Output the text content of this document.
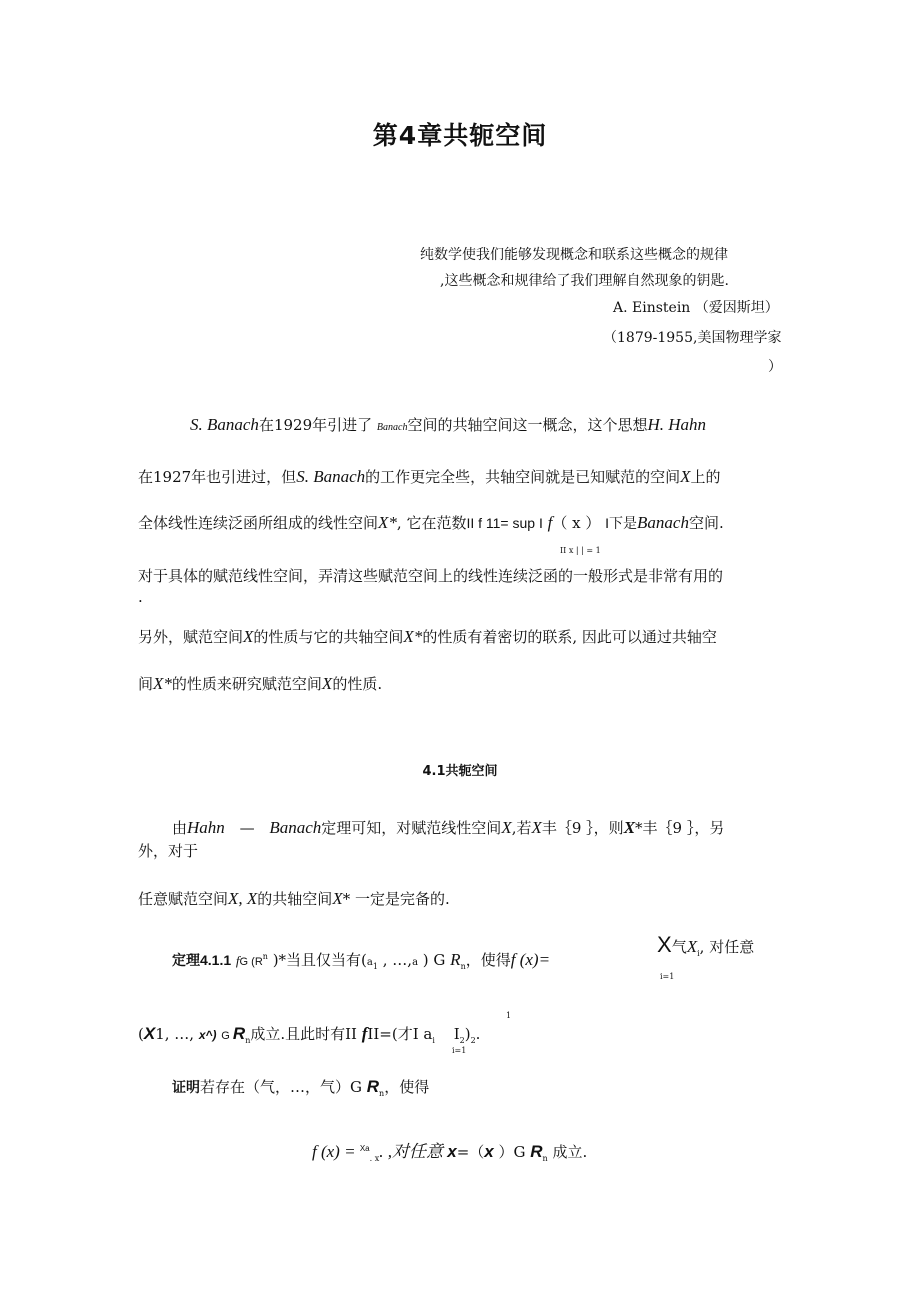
第4章共轭空间
纯数学使我们能够发现概念和联系这些概念的规律
,这些概念和规律给了我们理解自然现象的钥匙.
A. Einstein （爱因斯坦）
（1879-1955,美国物理学家
）
S. Banach在1929年引进了 Banach空间的共轴空间这一概念，这个思想H. Hahn
在1927年也引进过，但S. Banach的工作更完全些，共轴空间就是已知赋范的空间X上的
全体线性连续泛函所组成的线性空间X*, 它在范数II f 11= sup I f（ x ） I下是Banach空间.
II x | | = 1
对于具体的赋范线性空间，弄清这些赋范空间上的线性连续泛函的一般形式是非常有用的
.
另外，赋范空间X的性质与它的共轴空间X*的性质有着密切的联系, 因此可以通过共轴空
间X*的性质来研究赋范空间X的性质.
4.1共轭空间
由Hahn — Banach定理可知，对赋范线性空间X,若X丰｛9 ｝，则X*丰｛9 ｝，另
外，对于
任意赋范空间X, X的共轴空间X* 一定是完备的.
定理4.1.1 fG ($R^n$ )*当且仅当有($a_1$ , …,a ) G $R_n$，使得f (x)=
X气$X_i$, 对任意
i=1
(X1, …, x^) G $R_n$成立.且此时有II fII=(才I $a_i$ $I_2)_2$.
1
i=1
证明若存在（气，…，气）G $R_n$，使得
f (x) = $^{Xa}_{. x}$. ,对任意 x=（x ）G $R_n$ 成立.
